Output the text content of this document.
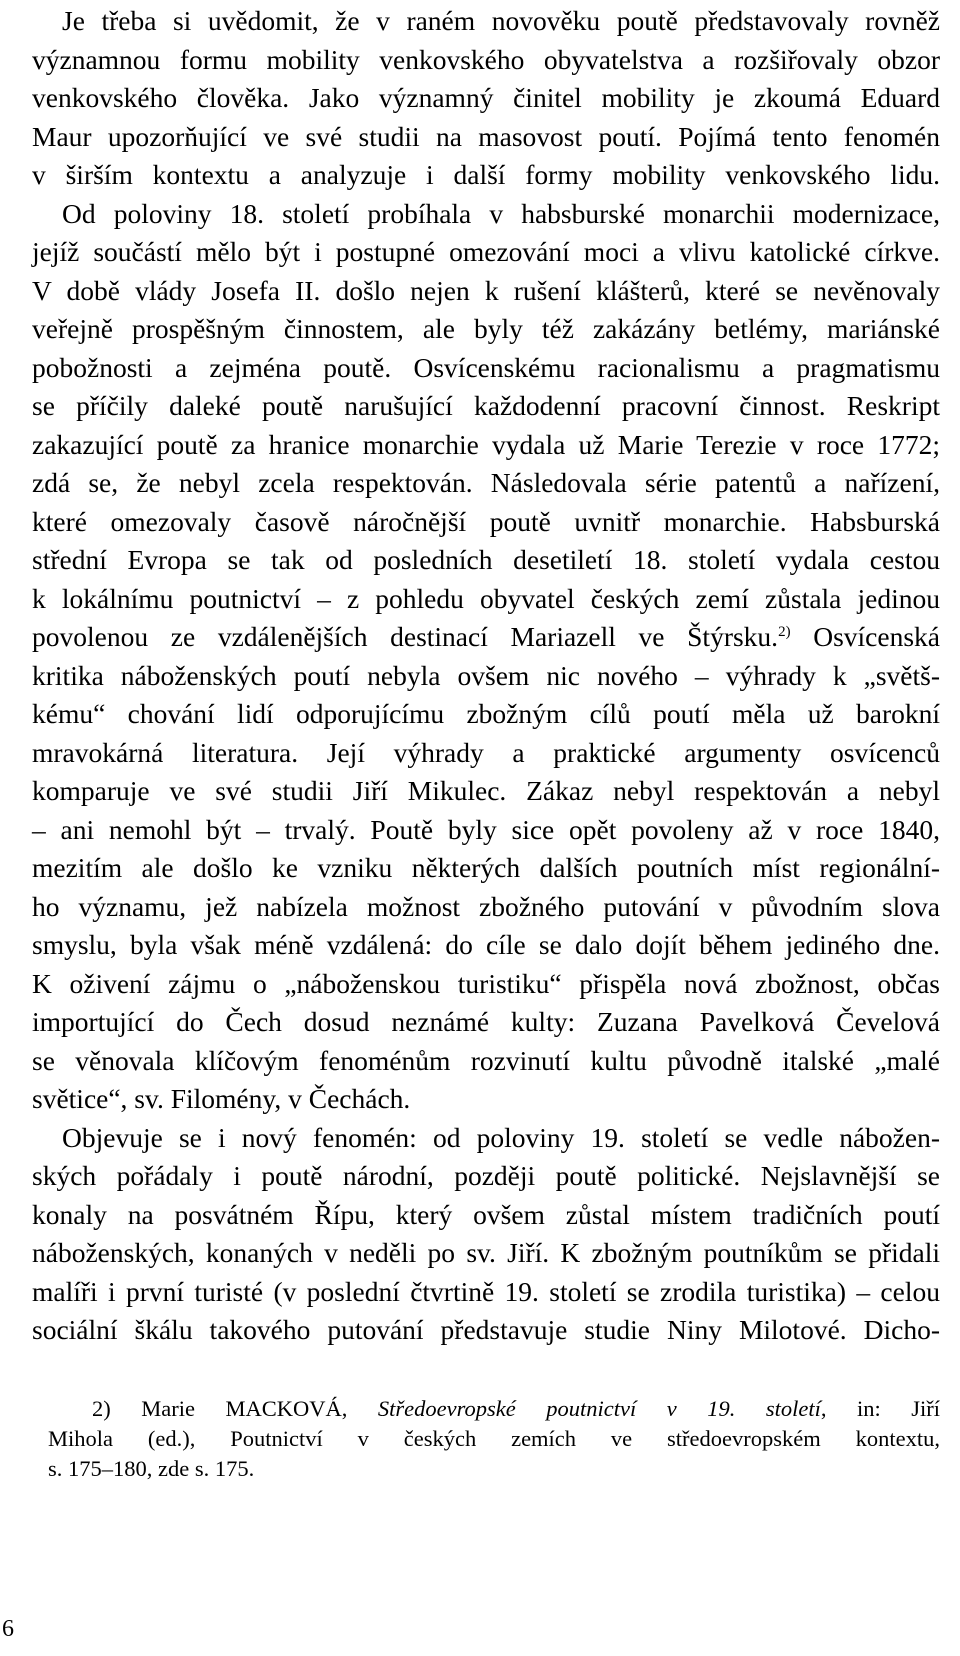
Je třeba si uvědomit, že v raném novověku poutě představovaly rovněž
významnou formu mobility venkovského obyvatelstva a rozšiřovaly obzor
venkovského člověka. Jako významný činitel mobility je zkoumá Eduard
Maur upozorňující ve své studii na masovost poutí. Pojímá tento fenomén
v širším kontextu a analyzuje i další formy mobility venkovského lidu.
Od poloviny 18. století probíhala v habsburské monarchii modernizace,
jejíž součástí mělo být i postupné omezování moci a vlivu katolické církve.
V době vlády Josefa II. došlo nejen k rušení klášterů, které se nevěnovaly
veřejně prospěšným činnostem, ale byly též zakázány betlémy, mariánské
pobožnosti a zejména poutě. Osvícenskému racionalismu a pragmatismu
se příčily daleké poutě narušující každodenní pracovní činnost. Reskript
zakazující poutě za hranice monarchie vydala už Marie Terezie v roce 1772;
zdá se, že nebyl zcela respektován. Následovala série patentů a nařízení,
které omezovaly časově náročnější poutě uvnitř monarchie. Habsburská
střední Evropa se tak od posledních desetiletí 18. století vydala cestou
k lokálnímu poutnictví – z pohledu obyvatel českých zemí zůstala jedinou
povolenou ze vzdálenějších destinací Mariazell ve Štýrsku.$^{2)}$ Osvícenská
kritika náboženských poutí nebyla ovšem nic nového – výhrady k „světš-
kému“ chování lidí odporujícímu zbožným cílů poutí měla už barokní
mravokárná literatura. Její výhrady a praktické argumenty osvícenců
komparuje ve své studii Jiří Mikulec. Zákaz nebyl respektován a nebyl
– ani nemohl být – trvalý. Poutě byly sice opět povoleny až v roce 1840,
mezitím ale došlo ke vzniku některých dalších poutních míst regionální-
ho významu, jež nabízela možnost zbožného putování v původním slova
smyslu, byla však méně vzdálená: do cíle se dalo dojít během jediného dne.
K oživení zájmu o „náboženskou turistiku“ přispěla nová zbožnost, občas
importující do Čech dosud neznámé kulty: Zuzana Pavelková Čevelová
se věnovala klíčovým fenoménům rozvinutí kultu původně italské „malé
světice“, sv. Filomény, v Čechách.
Objevuje se i nový fenomén: od poloviny 19. století se vedle nábožen-
ských pořádaly i poutě národní, později poutě politické. Nejslavnější se
konaly na posvátném Řípu, který ovšem zůstal místem tradičních poutí
náboženských, konaných v neděli po sv. Jiří. K zbožným poutníkům se přidali
malíři i první turisté (v poslední čtvrtině 19. století se zrodila turistika) – celou
sociální škálu takového putování představuje studie Niny Milotové. Dicho-
2) Marie MACKOVÁ, Středoevropské poutnictví v 19. století, in: Jiří
Mihola (ed.), Poutnictví v českých zemích ve středoevropském kontextu,
s. 175–180, zde s. 175.
6
